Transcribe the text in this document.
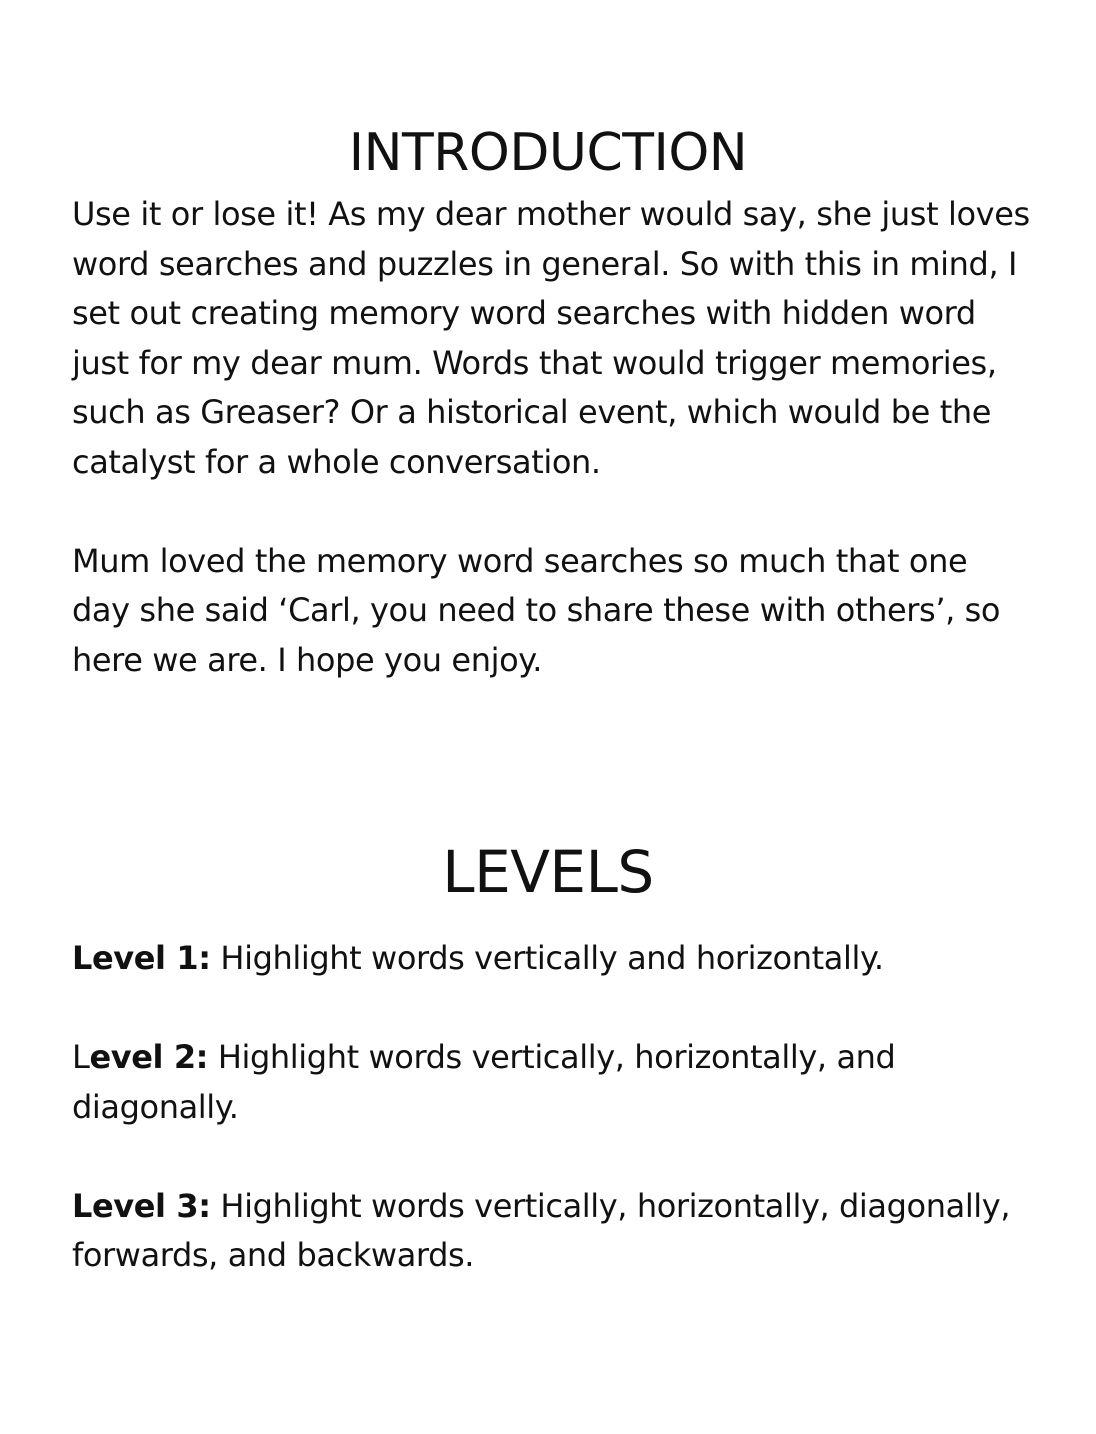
INTRODUCTION

Use it or lose it! As my dear mother would say, she just loves word searches and puzzles in general. So with this in mind, I set out creating memory word searches with hidden word just for my dear mum. Words that would trigger memories, such as Greaser? Or a historical event, which would be the catalyst for a whole conversation.

Mum loved the memory word searches so much that one day she said ‘Carl, you need to share these with others’, so here we are. I hope you enjoy.

LEVELS

Level 1: Highlight words vertically and horizontally.

Level 2: Highlight words vertically, horizontally, and diagonally.

Level 3: Highlight words vertically, horizontally, diagonally, forwards, and backwards.
